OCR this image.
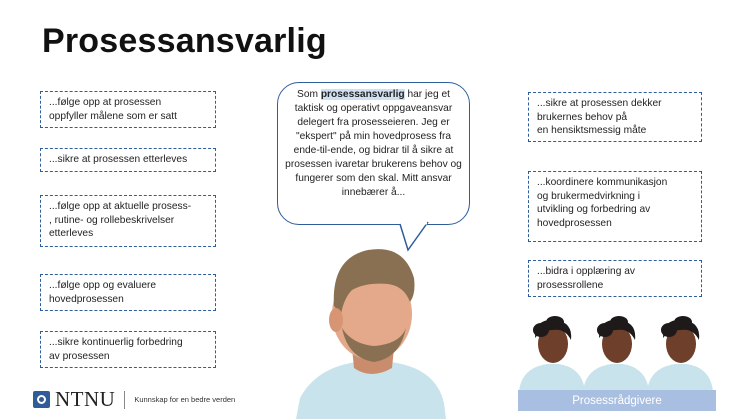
Prosessansvarlig
...følge opp at prosessen
oppfyller målene som er satt
...sikre at prosessen etterleves
...følge opp at aktuelle prosess-
, rutine- og rollebeskrivelser
etterleves
...følge opp og evaluere
hovedprosessen
...sikre kontinuerlig forbedring
av prosessen
...sikre at prosessen dekker
brukernes behov på
en hensiktsmessig måte
...koordinere kommunikasjon
og brukermedvirkning i
utvikling og forbedring av
hovedprosessen
...bidra i opplæring av
prosessrollene
Som prosessansvarlig har jeg et taktisk og operativt oppgaveansvar delegert fra prosesseieren. Jeg er "ekspert" på min hovedprosess fra ende-til-ende, og bidrar til å sikre at prosessen ivaretar brukerens behov og fungerer som den skal. Mitt ansvar innebærer å...
Prosessrådgivere
NTNU	Kunnskap for en bedre verden
